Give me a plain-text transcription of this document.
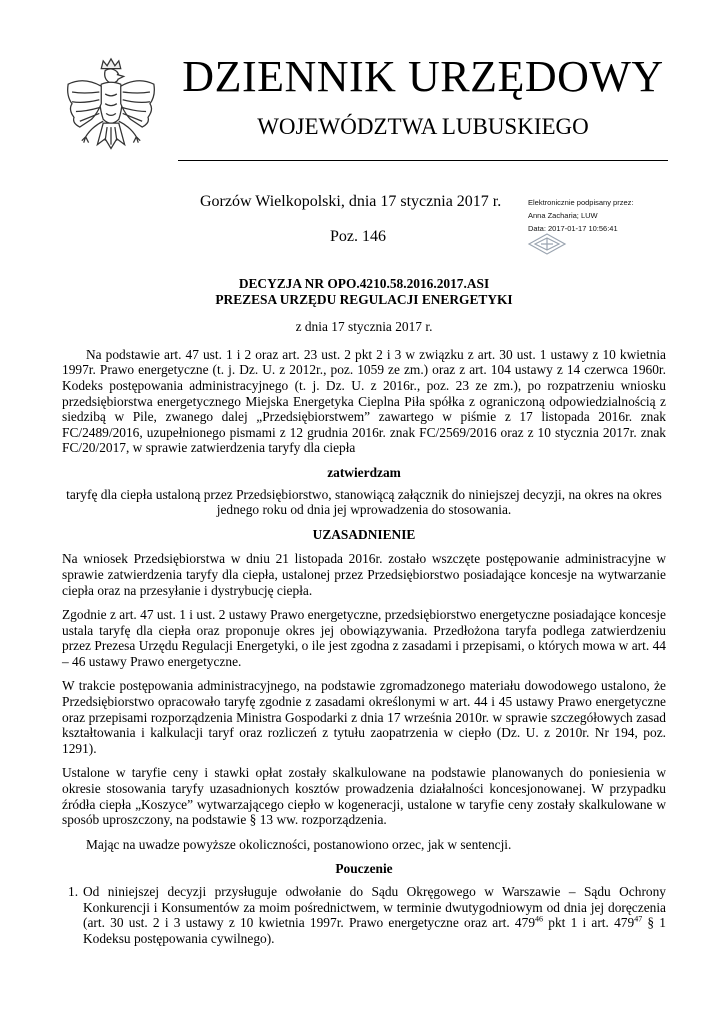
DZIENNIK URZĘDOWY
WOJEWÓDZTWA LUBUSKIEGO
Gorzów Wielkopolski, dnia 17 stycznia 2017 r.
Poz. 146
Elektronicznie podpisany przez:
Anna Zacharia; LUW
Data: 2017-01-17 10:56:41

DECYZJA NR OPO.4210.58.2016.2017.ASI

PREZESA URZĘDU REGULACJI ENERGETYKI

z dnia 17 stycznia 2017 r.

Na podstawie art. 47 ust. 1 i 2 oraz art. 23 ust. 2 pkt 2 i 3 w związku z art. 30 ust. 1 ustawy z 10 kwietnia 1997r. Prawo energetyczne (t. j. Dz. U. z 2012r., poz. 1059 ze zm.) oraz z art. 104 ustawy z 14 czerwca 1960r. Kodeks postępowania administracyjnego (t. j. Dz. U. z 2016r., poz. 23 ze zm.), po rozpatrzeniu wniosku przedsiębiorstwa energetycznego Miejska Energetyka Cieplna Piła spółka z ograniczoną odpowiedzialnością z siedzibą w Pile, zwanego dalej „Przedsiębiorstwem” zawartego w piśmie z 17 listopada 2016r. znak FC/2489/2016, uzupełnionego pismami z 12 grudnia 2016r. znak FC/2569/2016 oraz z 10 stycznia 2017r. znak FC/20/2017, w sprawie zatwierdzenia taryfy dla ciepła

zatwierdzam

taryfę dla ciepła ustaloną przez Przedsiębiorstwo, stanowiącą załącznik do niniejszej decyzji, na okres na okres jednego roku od dnia jej wprowadzenia do stosowania.

UZASADNIENIE

Na wniosek Przedsiębiorstwa w dniu 21 listopada 2016r. zostało wszczęte postępowanie administracyjne w sprawie zatwierdzenia taryfy dla ciepła, ustalonej przez Przedsiębiorstwo posiadające koncesje na wytwarzanie ciepła oraz na przesyłanie i dystrybucję ciepła.

Zgodnie z art. 47 ust. 1 i ust. 2 ustawy Prawo energetyczne, przedsiębiorstwo energetyczne posiadające koncesje ustala taryfę dla ciepła oraz proponuje okres jej obowiązywania. Przedłożona taryfa podlega zatwierdzeniu przez Prezesa Urzędu Regulacji Energetyki, o ile jest zgodna z zasadami i przepisami, o których mowa w art. 44 – 46 ustawy Prawo energetyczne.

W trakcie postępowania administracyjnego, na podstawie zgromadzonego materiału dowodowego ustalono, że Przedsiębiorstwo opracowało taryfę zgodnie z zasadami określonymi w art. 44 i 45 ustawy Prawo energetyczne oraz przepisami rozporządzenia Ministra Gospodarki z dnia 17 września 2010r. w sprawie szczegółowych zasad kształtowania i kalkulacji taryf oraz rozliczeń z tytułu zaopatrzenia w ciepło (Dz. U. z 2010r. Nr 194, poz. 1291).

Ustalone w taryfie ceny i stawki opłat zostały skalkulowane na podstawie planowanych do poniesienia w okresie stosowania taryfy uzasadnionych kosztów prowadzenia działalności koncesjonowanej. W przypadku źródła ciepła „Koszyce” wytwarzającego ciepło w kogeneracji, ustalone w taryfie ceny zostały skalkulowane w sposób uproszczony, na podstawie § 13 ww. rozporządzenia.

Mając na uwadze powyższe okoliczności, postanowiono orzec, jak w sentencji.

Pouczenie

1. Od niniejszej decyzji przysługuje odwołanie do Sądu Okręgowego w Warszawie – Sądu Ochrony Konkurencji i Konsumentów za moim pośrednictwem, w terminie dwutygodniowym od dnia jej doręczenia (art. 30 ust. 2 i 3 ustawy z 10 kwietnia 1997r. Prawo energetyczne oraz art. $479^{46}$ pkt 1 i art. $479^{47}$ § 1 Kodeksu postępowania cywilnego).
